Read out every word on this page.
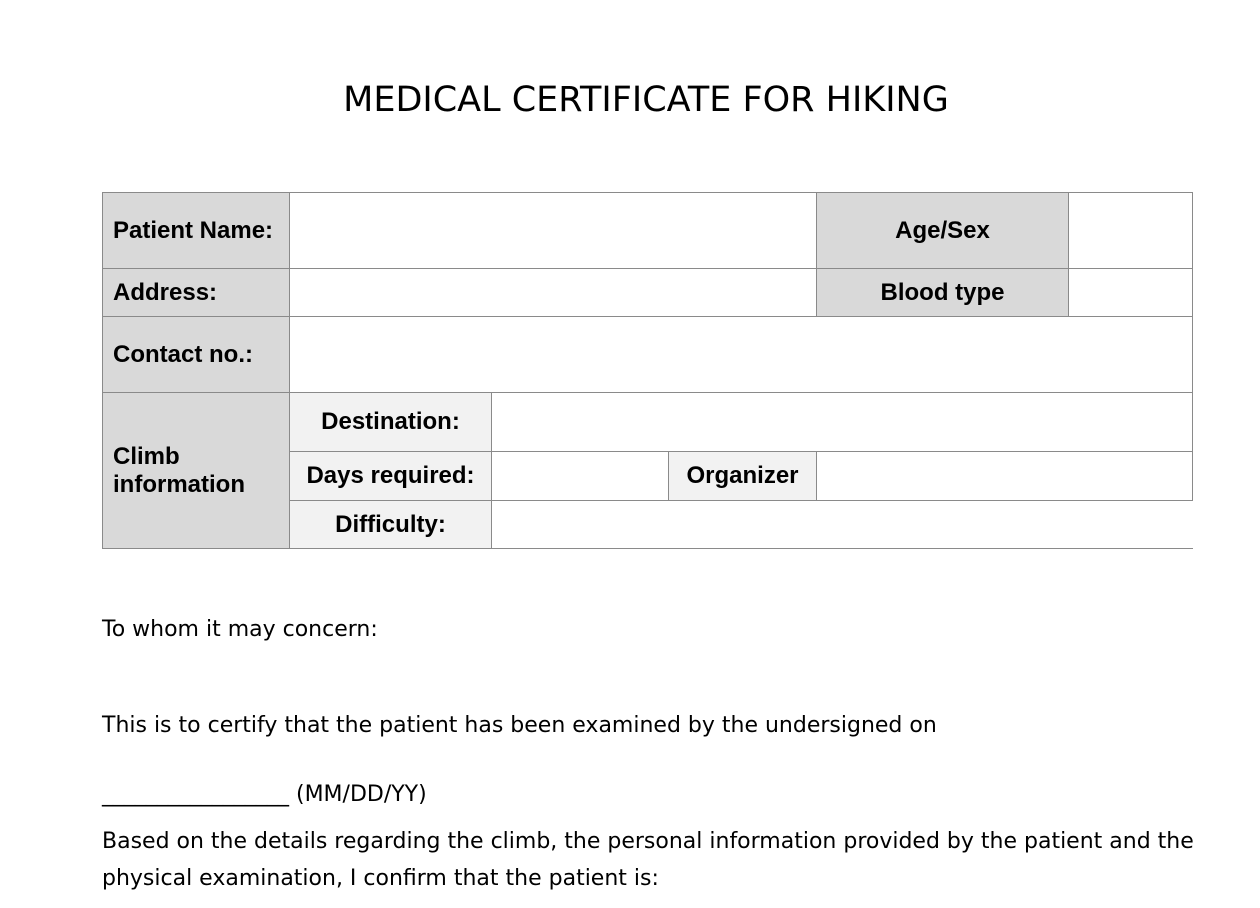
MEDICAL CERTIFICATE FOR HIKING
Patient Name:				Age/Sex	
Address:				Blood type	
Contact no.:					
Climb information	Destination:				
	Days required:		Organizer		
	Difficulty:				
To whom it may concern:
This is to certify that the patient has been examined by the undersigned on
_________________ (MM/DD/YY)
Based on the details regarding the climb, the personal information provided by the patient and the physical examination, I confirm that the patient is:
